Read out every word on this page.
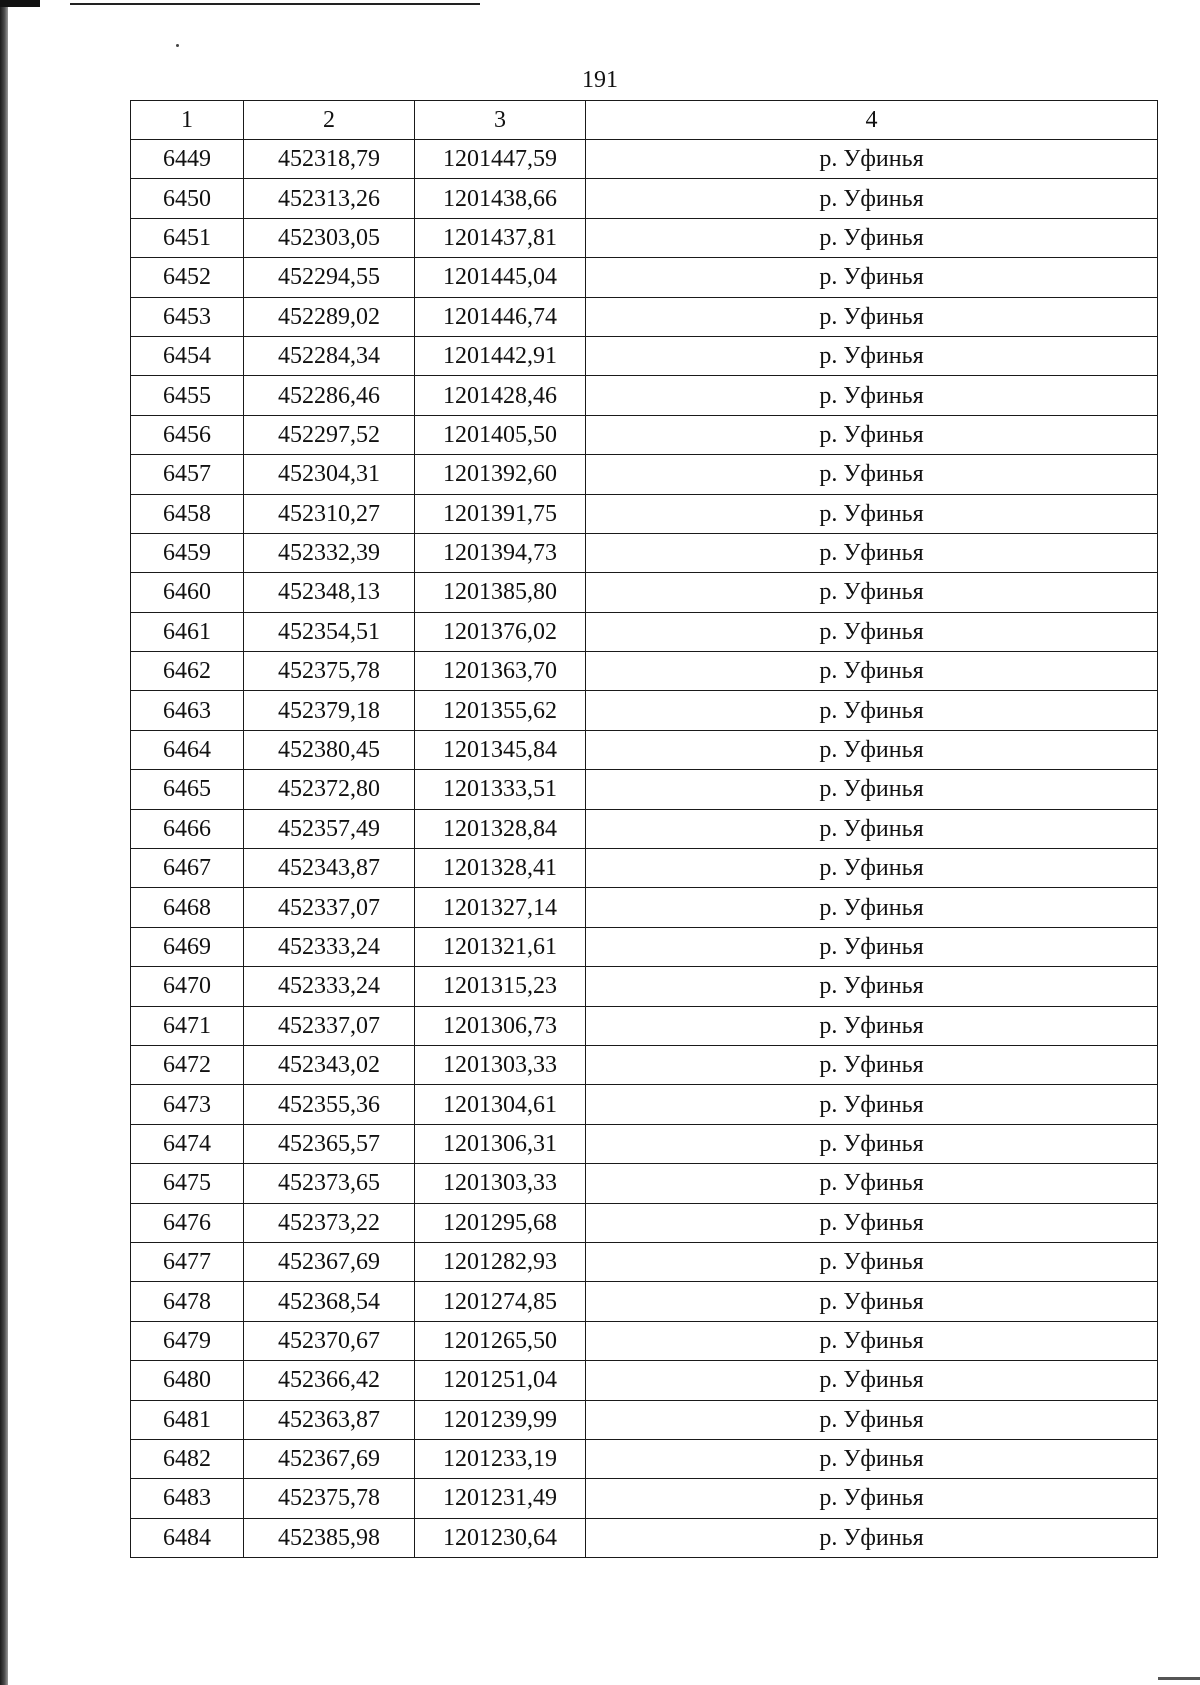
191
1	2	3	4
6449	452318,79	1201447,59	р. Уфинья
6450	452313,26	1201438,66	р. Уфинья
6451	452303,05	1201437,81	р. Уфинья
6452	452294,55	1201445,04	р. Уфинья
6453	452289,02	1201446,74	р. Уфинья
6454	452284,34	1201442,91	р. Уфинья
6455	452286,46	1201428,46	р. Уфинья
6456	452297,52	1201405,50	р. Уфинья
6457	452304,31	1201392,60	р. Уфинья
6458	452310,27	1201391,75	р. Уфинья
6459	452332,39	1201394,73	р. Уфинья
6460	452348,13	1201385,80	р. Уфинья
6461	452354,51	1201376,02	р. Уфинья
6462	452375,78	1201363,70	р. Уфинья
6463	452379,18	1201355,62	р. Уфинья
6464	452380,45	1201345,84	р. Уфинья
6465	452372,80	1201333,51	р. Уфинья
6466	452357,49	1201328,84	р. Уфинья
6467	452343,87	1201328,41	р. Уфинья
6468	452337,07	1201327,14	р. Уфинья
6469	452333,24	1201321,61	р. Уфинья
6470	452333,24	1201315,23	р. Уфинья
6471	452337,07	1201306,73	р. Уфинья
6472	452343,02	1201303,33	р. Уфинья
6473	452355,36	1201304,61	р. Уфинья
6474	452365,57	1201306,31	р. Уфинья
6475	452373,65	1201303,33	р. Уфинья
6476	452373,22	1201295,68	р. Уфинья
6477	452367,69	1201282,93	р. Уфинья
6478	452368,54	1201274,85	р. Уфинья
6479	452370,67	1201265,50	р. Уфинья
6480	452366,42	1201251,04	р. Уфинья
6481	452363,87	1201239,99	р. Уфинья
6482	452367,69	1201233,19	р. Уфинья
6483	452375,78	1201231,49	р. Уфинья
6484	452385,98	1201230,64	р. Уфинья
